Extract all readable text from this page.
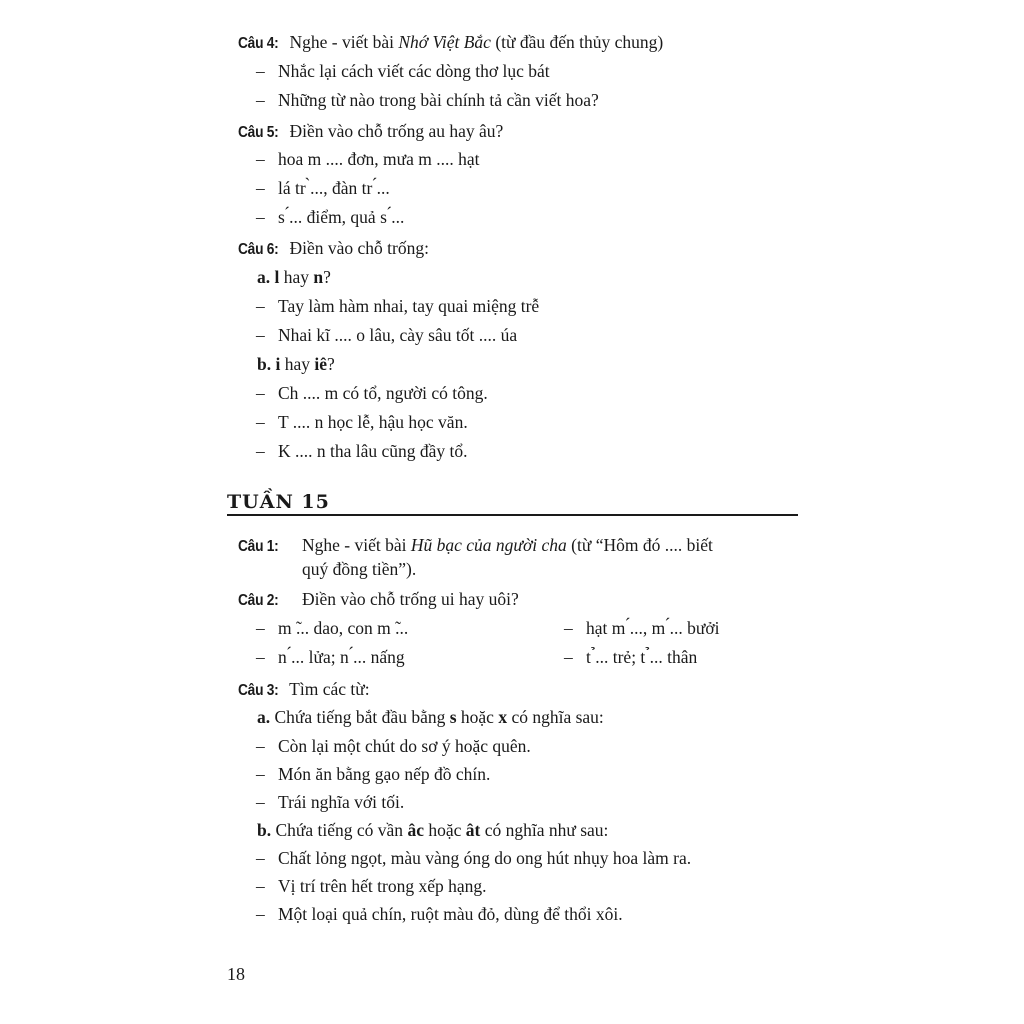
Câu 4: Nghe - viết bài Nhớ Việt Bắc (từ đầu đến thủy chung)
– Nhắc lại cách viết các dòng thơ lục bát
– Những từ nào trong bài chính tả cần viết hoa?
Câu 5: Điền vào chỗ trống au hay âu?
– hoa m .... đơn, mưa m .... hạt
– lá tr ̀..., đàn tr ́...
– s ́... điểm, quả s ́...
Câu 6: Điền vào chỗ trống:
a. l hay n?
– Tay làm hàm nhai, tay quai miệng trễ
– Nhai kĩ .... o lâu, cày sâu tốt .... úa
b. i hay iê?
– Ch .... m có tổ, người có tông.
– T .... n học lễ, hậu học văn.
– K .... n tha lâu cũng đầy tổ.
TUẦN 15
Câu 1: Nghe - viết bài Hũ bạc của người cha (từ “Hôm đó .... biết
quý đồng tiền”).
Câu 2: Điền vào chỗ trống ui hay uôi?
– m ̃... dao, con m ̃...	– hạt m ́..., m ́... bưởi
– n ́... lửa; n ́... nấng	– t ̉... trẻ; t ̉... thân
Câu 3: Tìm các từ:
a. Chứa tiếng bắt đầu bằng s hoặc x có nghĩa sau:
– Còn lại một chút do sơ ý hoặc quên.
– Món ăn bằng gạo nếp đồ chín.
– Trái nghĩa với tối.
b. Chứa tiếng có vần âc hoặc ât có nghĩa như sau:
– Chất lỏng ngọt, màu vàng óng do ong hút nhụy hoa làm ra.
– Vị trí trên hết trong xếp hạng.
– Một loại quả chín, ruột màu đỏ, dùng để thổi xôi.
18
